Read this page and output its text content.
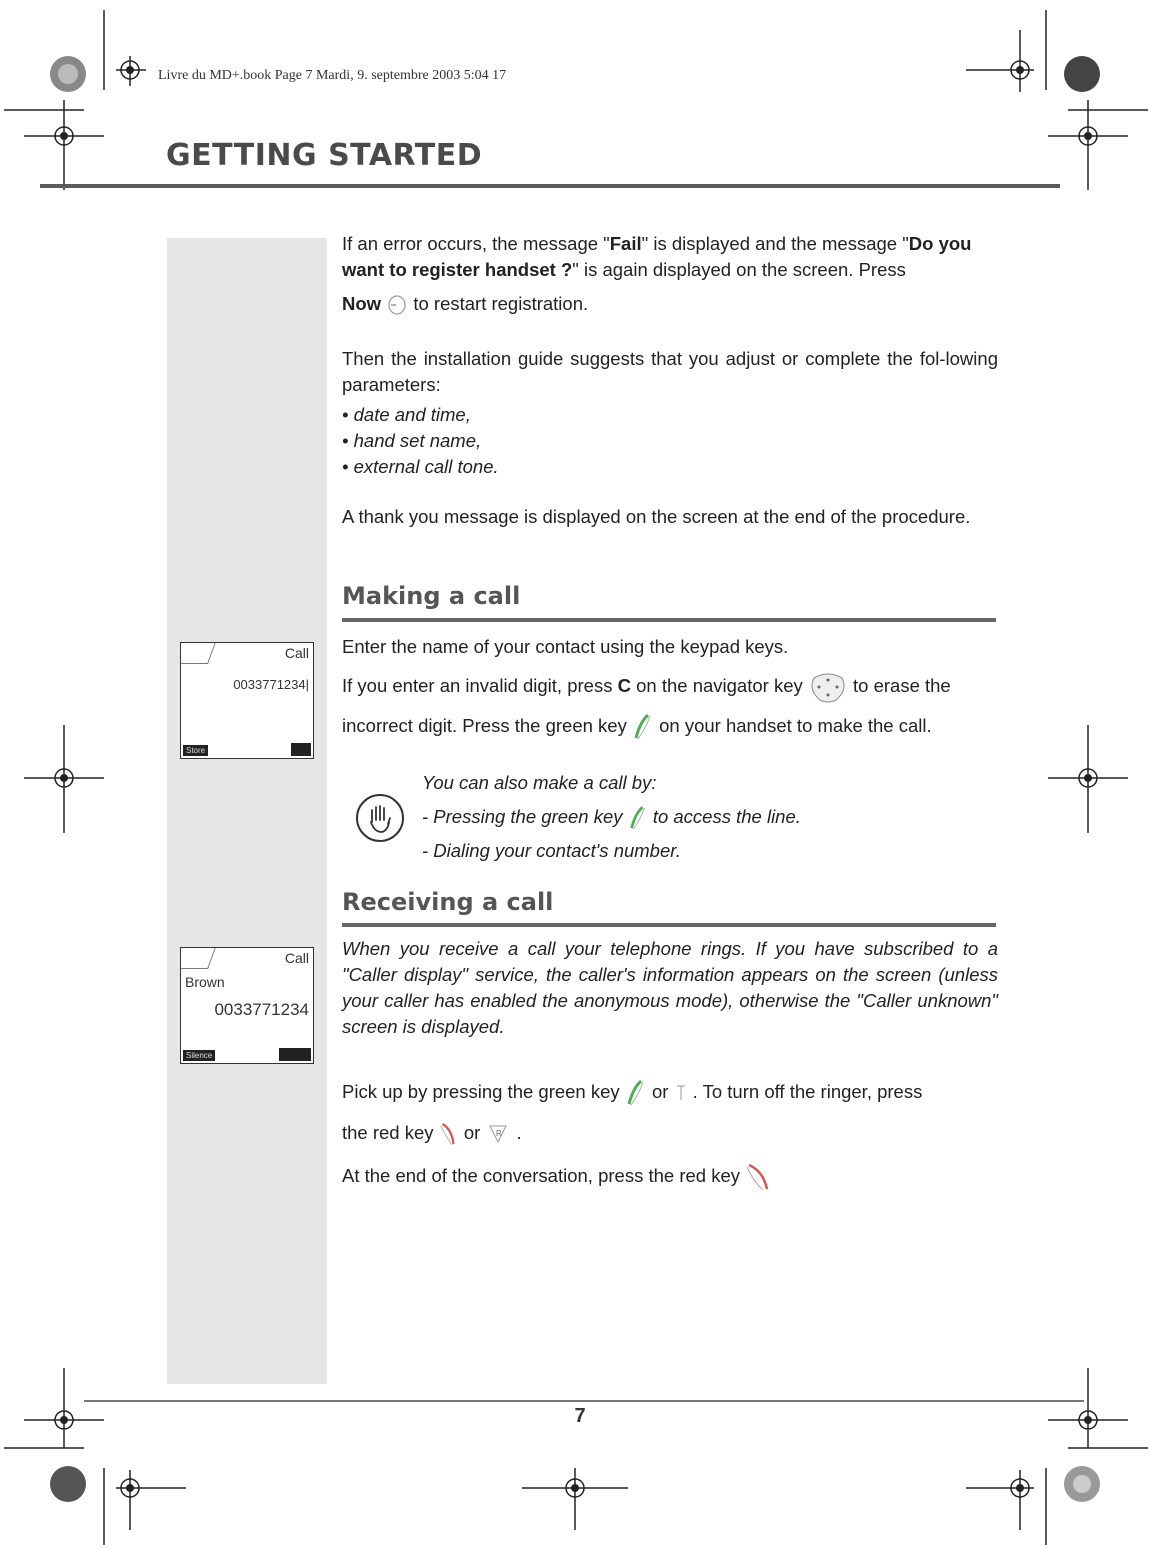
Livre du MD+.book Page 7 Mardi, 9. septembre 2003 5:04 17
GETTING STARTED

If an error occurs, the message "Fail" is displayed and the message "Do you want to register handset ?" is again displayed on the screen. Press
Now to restart registration.

Then the installation guide suggests that you adjust or complete the fol-lowing parameters:

• date and time,
• hand set name,
• external call tone.

A thank you message is displayed on the screen at the end of the procedure.

Making a call
Call
0033771234|
Store
Enter the name of your contact using the keypad keys.
If you enter an invalid digit, press C on the navigator key	to erase the
incorrect digit. Press the green key on your handset to make the call.
You can also make a call by:
- Pressing the green key to access the line.
- Dialing your contact's number.
Receiving a call
Call
Brown
0033771234
Silence

When you receive a call your telephone rings. If you have subscribed to a "Caller display" service, the caller's information appears on the screen (unless your caller has enabled the anonymous mode), otherwise the "Caller unknown" screen is displayed.

Pick up by pressing the green key or . To turn off the ringer, press
the red key or R .
At the end of the conversation, press the red key
7
